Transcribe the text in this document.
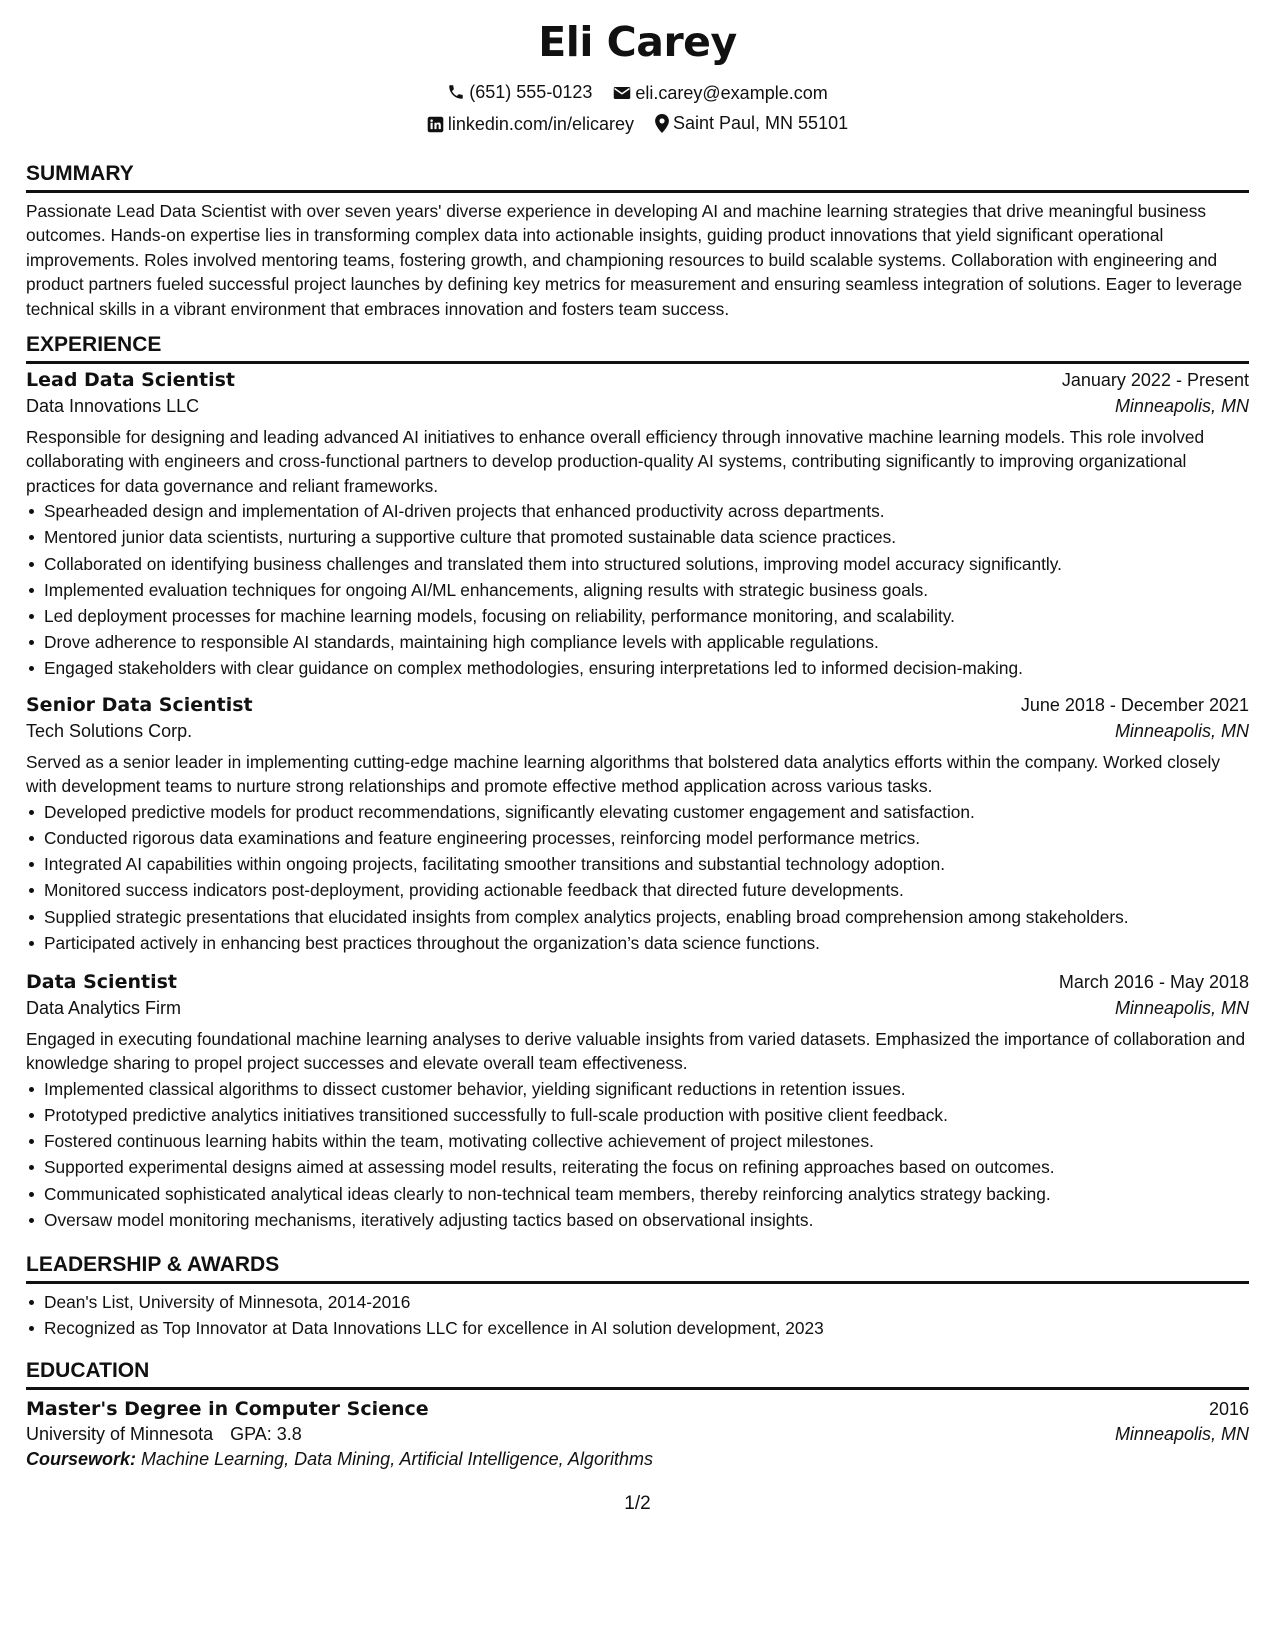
Eli Carey
(651) 555-0123
eli.carey@example.com
linkedin.com/in/elicarey
Saint Paul, MN 55101
SUMMARY

Passionate Lead Data Scientist with over seven years' diverse experience in developing AI and machine learning strategies that drive meaningful business outcomes. Hands-on expertise lies in transforming complex data into actionable insights, guiding product innovations that yield significant operational improvements. Roles involved mentoring teams, fostering growth, and championing resources to build scalable systems. Collaboration with engineering and product partners fueled successful project launches by defining key metrics for measurement and ensuring seamless integration of solutions. Eager to leverage technical skills in a vibrant environment that embraces innovation and fosters team success.

EXPERIENCE
Lead Data Scientist	January 2022 - Present
Data Innovations LLC	Minneapolis, MN

Responsible for designing and leading advanced AI initiatives to enhance overall efficiency through innovative machine learning models. This role involved collaborating with engineers and cross-functional partners to develop production-quality AI systems, contributing significantly to improving organizational practices for data governance and reliant frameworks.

Spearheaded design and implementation of AI-driven projects that enhanced productivity across departments.
Mentored junior data scientists, nurturing a supportive culture that promoted sustainable data science practices.
Collaborated on identifying business challenges and translated them into structured solutions, improving model accuracy significantly.
Implemented evaluation techniques for ongoing AI/ML enhancements, aligning results with strategic business goals.
Led deployment processes for machine learning models, focusing on reliability, performance monitoring, and scalability.
Drove adherence to responsible AI standards, maintaining high compliance levels with applicable regulations.
Engaged stakeholders with clear guidance on complex methodologies, ensuring interpretations led to informed decision-making.
Senior Data Scientist	June 2018 - December 2021
Tech Solutions Corp.	Minneapolis, MN

Served as a senior leader in implementing cutting-edge machine learning algorithms that bolstered data analytics efforts within the company. Worked closely with development teams to nurture strong relationships and promote effective method application across various tasks.

Developed predictive models for product recommendations, significantly elevating customer engagement and satisfaction.
Conducted rigorous data examinations and feature engineering processes, reinforcing model performance metrics.
Integrated AI capabilities within ongoing projects, facilitating smoother transitions and substantial technology adoption.
Monitored success indicators post-deployment, providing actionable feedback that directed future developments.
Supplied strategic presentations that elucidated insights from complex analytics projects, enabling broad comprehension among stakeholders.
Participated actively in enhancing best practices throughout the organization’s data science functions.
Data Scientist	March 2016 - May 2018
Data Analytics Firm	Minneapolis, MN

Engaged in executing foundational machine learning analyses to derive valuable insights from varied datasets. Emphasized the importance of collaboration and knowledge sharing to propel project successes and elevate overall team effectiveness.

Implemented classical algorithms to dissect customer behavior, yielding significant reductions in retention issues.
Prototyped predictive analytics initiatives transitioned successfully to full-scale production with positive client feedback.
Fostered continuous learning habits within the team, motivating collective achievement of project milestones.
Supported experimental designs aimed at assessing model results, reiterating the focus on refining approaches based on outcomes.
Communicated sophisticated analytical ideas clearly to non-technical team members, thereby reinforcing analytics strategy backing.
Oversaw model monitoring mechanisms, iteratively adjusting tactics based on observational insights.
LEADERSHIP & AWARDS
Dean's List, University of Minnesota, 2014-2016
Recognized as Top Innovator at Data Innovations LLC for excellence in AI solution development, 2023
EDUCATION
Master's Degree in Computer Science	2016
University of Minnesota GPA: 3.8	Minneapolis, MN
Coursework: Machine Learning, Data Mining, Artificial Intelligence, Algorithms
1/2
